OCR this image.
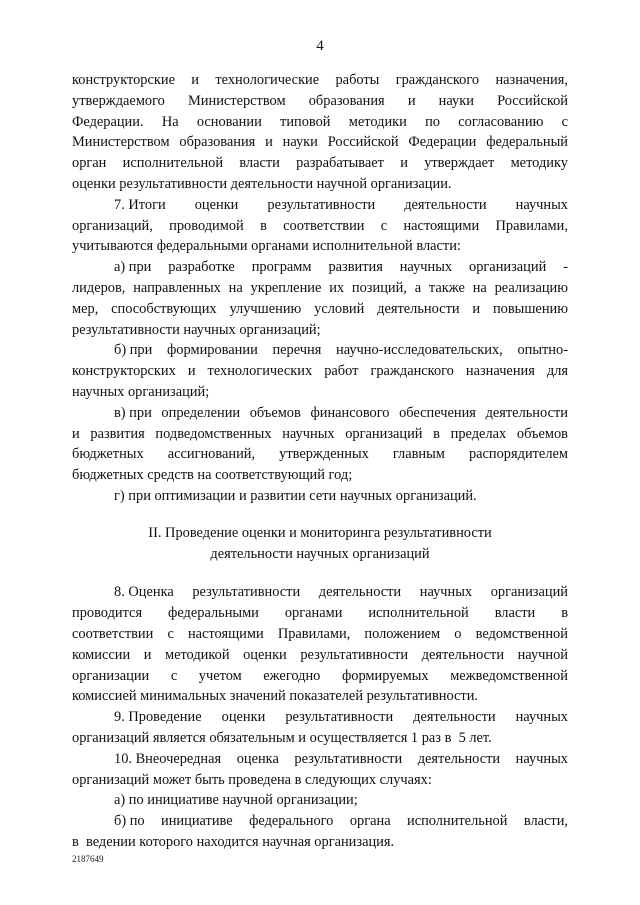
4
конструкторские и технологические работы гражданского назначения,
утверждаемого Министерством образования и науки Российской
Федерации. На основании типовой методики по согласованию с
Министерством образования и науки Российской Федерации федеральный
орган исполнительной власти разрабатывает и утверждает методику
оценки результативности деятельности научной организации.
7. Итоги оценки результативности деятельности научных
организаций, проводимой в соответствии с настоящими Правилами,
учитываются федеральными органами исполнительной власти:
а) при разработке программ развития научных организаций -
лидеров, направленных на укрепление их позиций, а также на реализацию
мер, способствующих улучшению условий деятельности и повышению
результативности научных организаций;
б) при формировании перечня научно-исследовательских, опытно-
конструкторских и технологических работ гражданского назначения для
научных организаций;
в) при определении объемов финансового обеспечения деятельности
и развития подведомственных научных организаций в пределах объемов
бюджетных ассигнований, утвержденных главным распорядителем
бюджетных средств на соответствующий год;
г) при оптимизации и развитии сети научных организаций.
II. Проведение оценки и мониторинга результативности
деятельности научных организаций
8. Оценка результативности деятельности научных организаций
проводится федеральными органами исполнительной власти в
соответствии с настоящими Правилами, положением о ведомственной
комиссии и методикой оценки результативности деятельности научной
организации с учетом ежегодно формируемых межведомственной
комиссией минимальных значений показателей результативности.
9. Проведение оценки результативности деятельности научных
организаций является обязательным и осуществляется 1 раз в  5 лет.
10. Внеочередная оценка результативности деятельности научных
организаций может быть проведена в следующих случаях:
а) по инициативе научной организации;
б) по инициативе федерального органа исполнительной власти,
в  ведении которого находится научная организация.
2187649
